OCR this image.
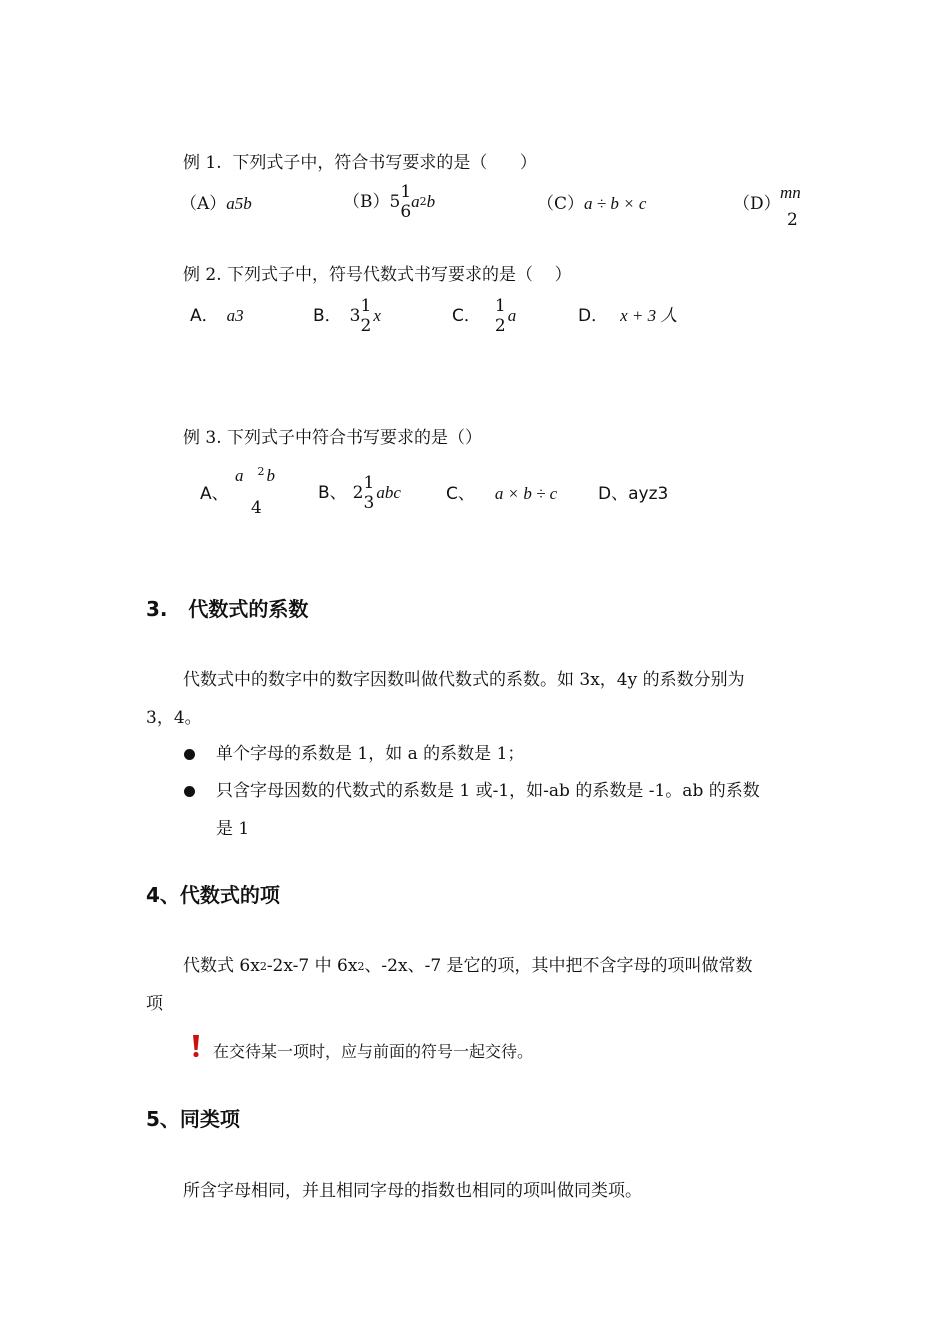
例 1.  下列式子中，符合书写要求的是（      ）
（A）a5b	（B）5 1
6
a2b	（C）a ÷ b × c	（D）
mn
2
例 2. 下列式子中，符号代数式书写要求的是（    ）
A． a3	B． 3 1
2
x	C． 1
2
a	D． x + 3 人
例 3. 下列式子中符合书写要求的是（）
A、
a $^2$ b
4
B、 2 1
3
abc	C、 a × b ÷ c D、ayz3
3.   代数式的系数
代数式中的数字中的数字因数叫做代数式的系数。如 3x，4y 的系数分别为
3，4。
单个字母的系数是 1，如 a 的系数是 1；
只含字母因数的代数式的系数是 1 或-1，如-ab 的系数是 -1。ab 的系数
是 1
4、代数式的项
代数式 6x2-2x-7 中 6x2、-2x、-7 是它的项，其中把不含字母的项叫做常数
项
在交待某一项时，应与前面的符号一起交待。
5、同类项
所含字母相同，并且相同字母的指数也相同的项叫做同类项。
